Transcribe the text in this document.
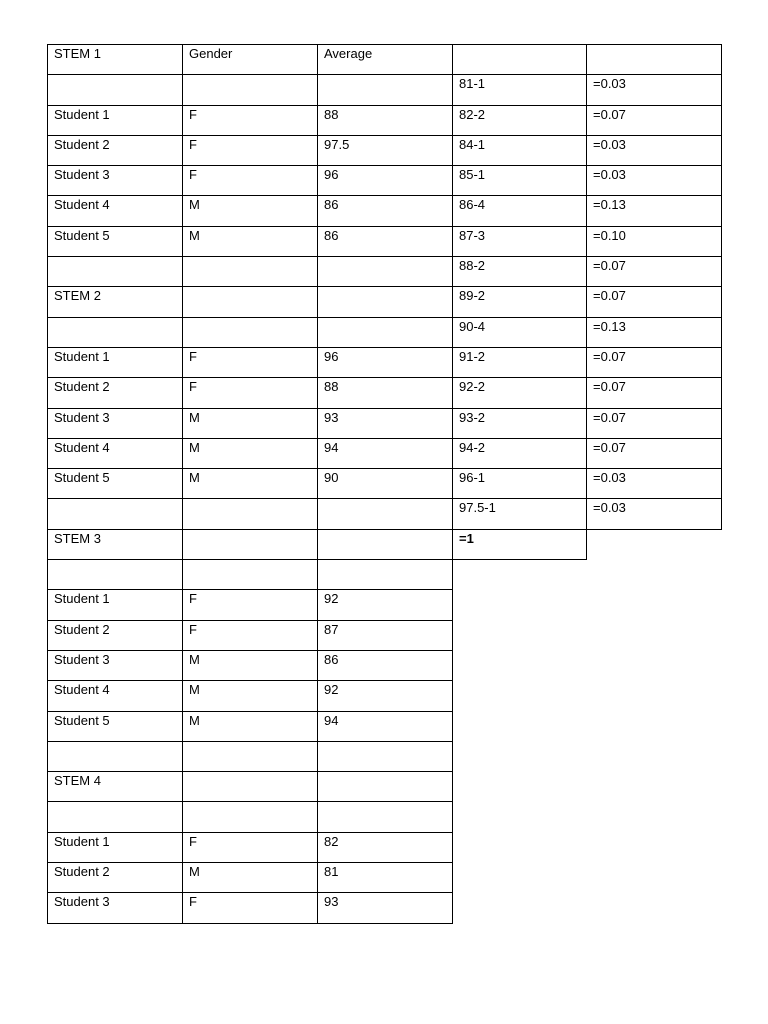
STEM 1	Gender	Average		

			81-1	=0.03

Student 1	F	88	82-2	=0.07

Student 2	F	97.5	84-1	=0.03

Student 3	F	96	85-1	=0.03

Student 4	M	86	86-4	=0.13

Student 5	M	86	87-3	=0.10

			88-2	=0.07

STEM 2			89-2	=0.07

			90-4	=0.13

Student 1	F	96	91-2	=0.07

Student 2	F	88	92-2	=0.07

Student 3	M	93	93-2	=0.07

Student 4	M	94	94-2	=0.07

Student 5	M	90	96-1	=0.03

			97.5-1	=0.03

STEM 3			=1	

Student 1	F	92		

Student 2	F	87		

Student 3	M	86		

Student 4	M	92		

Student 5	M	94		

STEM 4				

Student 1	F	82		

Student 2	M	81		

Student 3	F	93		
